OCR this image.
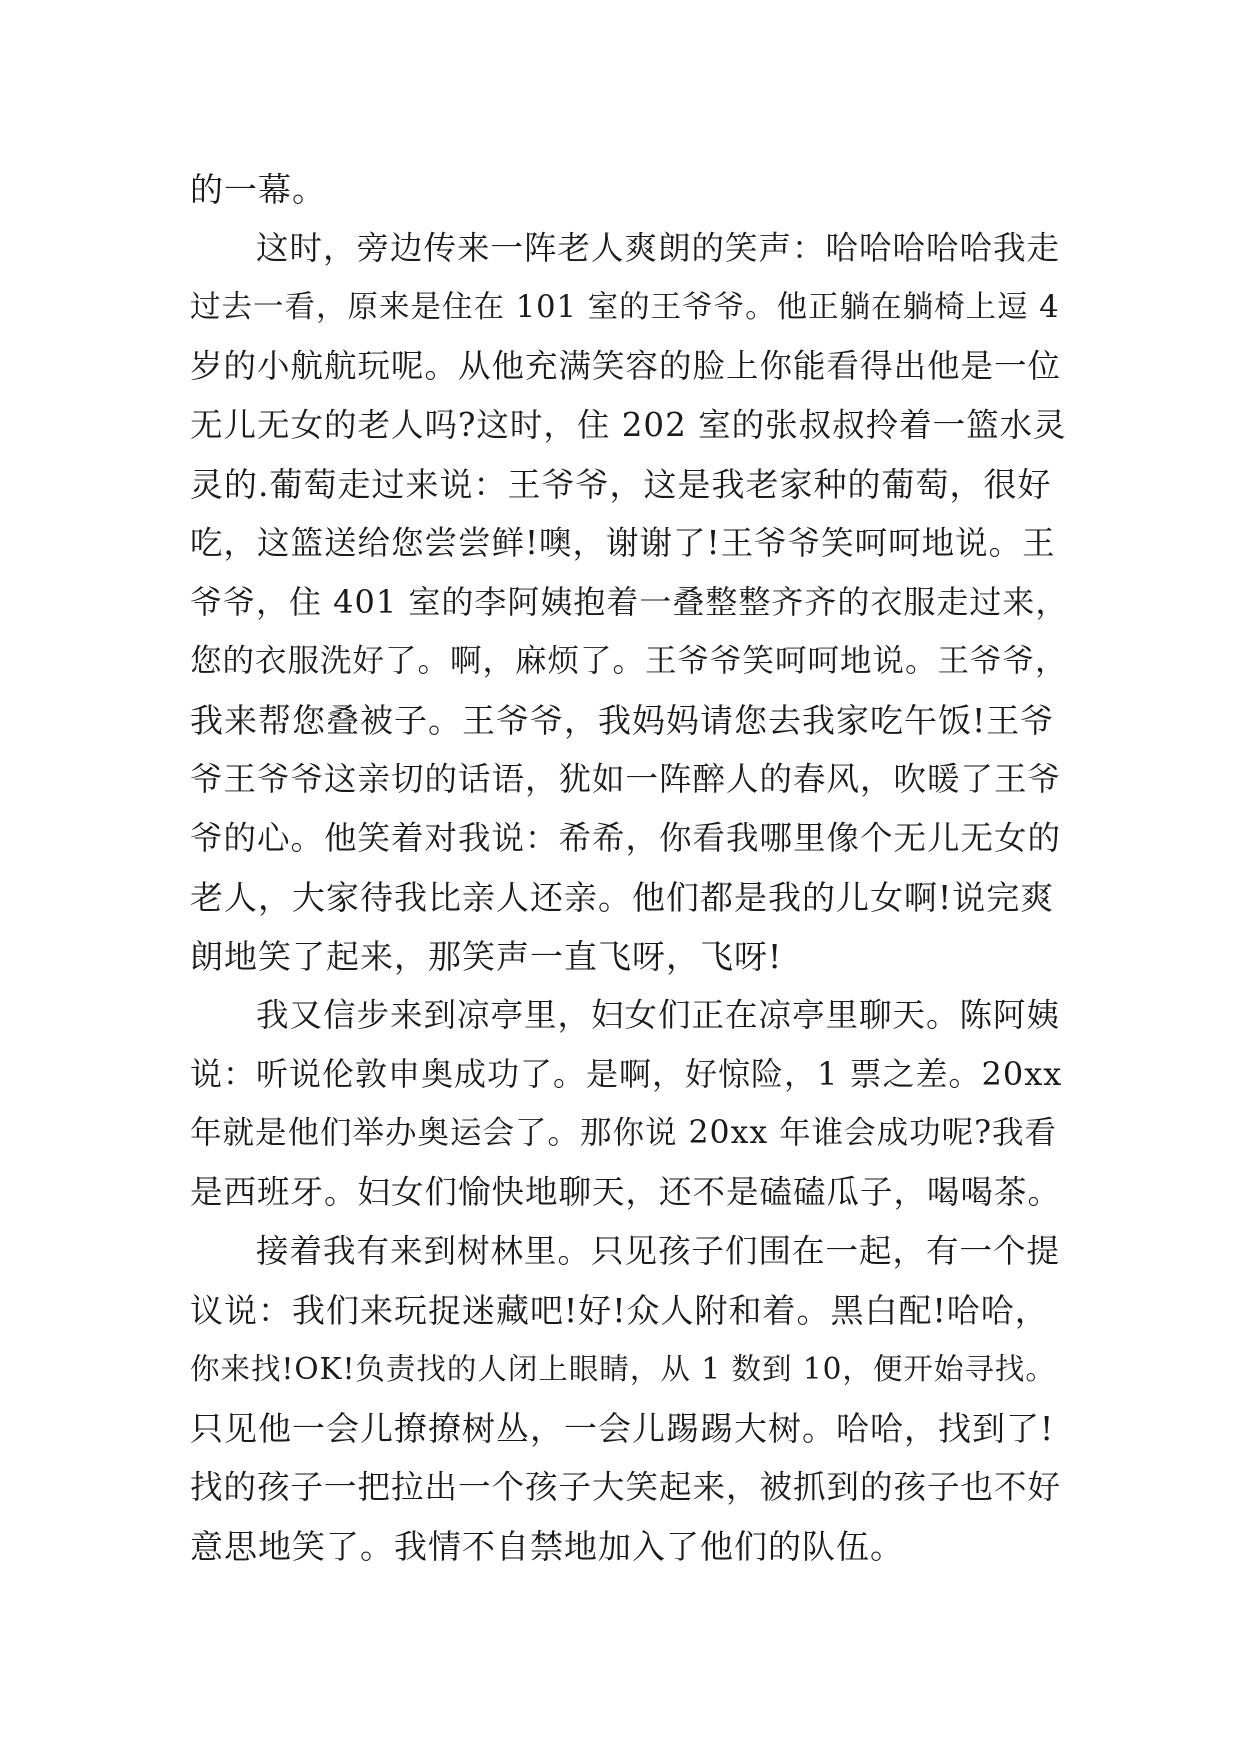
的一幕。
这时，旁边传来一阵老人爽朗的笑声：哈哈哈哈哈我走
过去一看，原来是住在 101 室的王爷爷。他正躺在躺椅上逗 4
岁的小航航玩呢。从他充满笑容的脸上你能看得出他是一位
无儿无女的老人吗?这时，住 202 室的张叔叔拎着一篮水灵
灵的.葡萄走过来说：王爷爷，这是我老家种的葡萄，很好
吃，这篮送给您尝尝鲜!噢，谢谢了!王爷爷笑呵呵地说。王
爷爷，住 401 室的李阿姨抱着一叠整整齐齐的衣服走过来，
您的衣服洗好了。啊，麻烦了。王爷爷笑呵呵地说。王爷爷，
我来帮您叠被子。王爷爷，我妈妈请您去我家吃午饭!王爷
爷王爷爷这亲切的话语，犹如一阵醉人的春风，吹暖了王爷
爷的心。他笑着对我说：希希，你看我哪里像个无儿无女的
老人，大家待我比亲人还亲。他们都是我的儿女啊!说完爽
朗地笑了起来，那笑声一直飞呀，飞呀!
我又信步来到凉亭里，妇女们正在凉亭里聊天。陈阿姨
说：听说伦敦申奥成功了。是啊，好惊险，1 票之差。20xx
年就是他们举办奥运会了。那你说 20xx 年谁会成功呢?我看
是西班牙。妇女们愉快地聊天，还不是磕磕瓜子，喝喝茶。
接着我有来到树林里。只见孩子们围在一起，有一个提
议说：我们来玩捉迷藏吧!好!众人附和着。黑白配!哈哈，
你来找!OK!负责找的人闭上眼睛，从 1 数到 10，便开始寻找。
只见他一会儿撩撩树丛，一会儿踢踢大树。哈哈，找到了!
找的孩子一把拉出一个孩子大笑起来，被抓到的孩子也不好
意思地笑了。我情不自禁地加入了他们的队伍。
